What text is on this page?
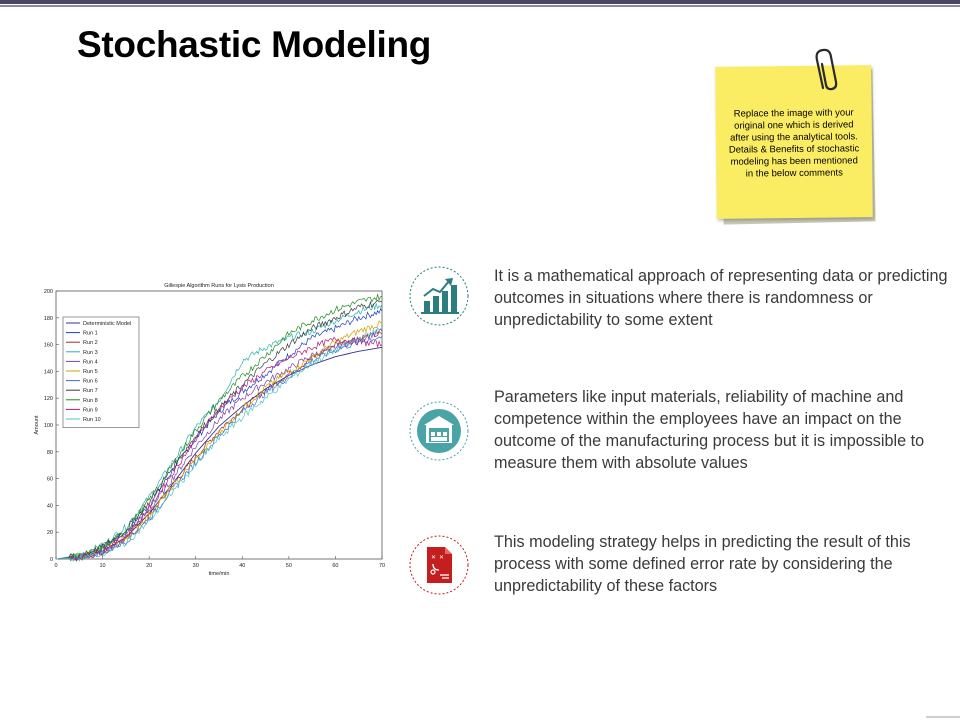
Stochastic Modeling

Replace the image with your original one which is derived after using the analytical tools. Details & Benefits of stochastic modeling has been mentioned in the below comments

Gillespie Algorithm Runs for Lysis Production
time/min
Amount
0	10	20	30	40	50	60	70
0
20
40
60
80
100
120
140
160
180
200
Deterministic Model
Run 1
Run 2
Run 3
Run 4
Run 5
Run 6
Run 7
Run 8
Run 9
Run 10

It is a mathematical approach of representing data or predicting outcomes in situations where there is randomness or unpredictability to some extent

Parameters like input materials, reliability of machine and competence within the employees have an impact on the outcome of the manufacturing process but it is impossible to measure them with absolute values

✕ ✕

This modeling strategy helps in predicting the result of this process with some defined error rate by considering the unpredictability of these factors
